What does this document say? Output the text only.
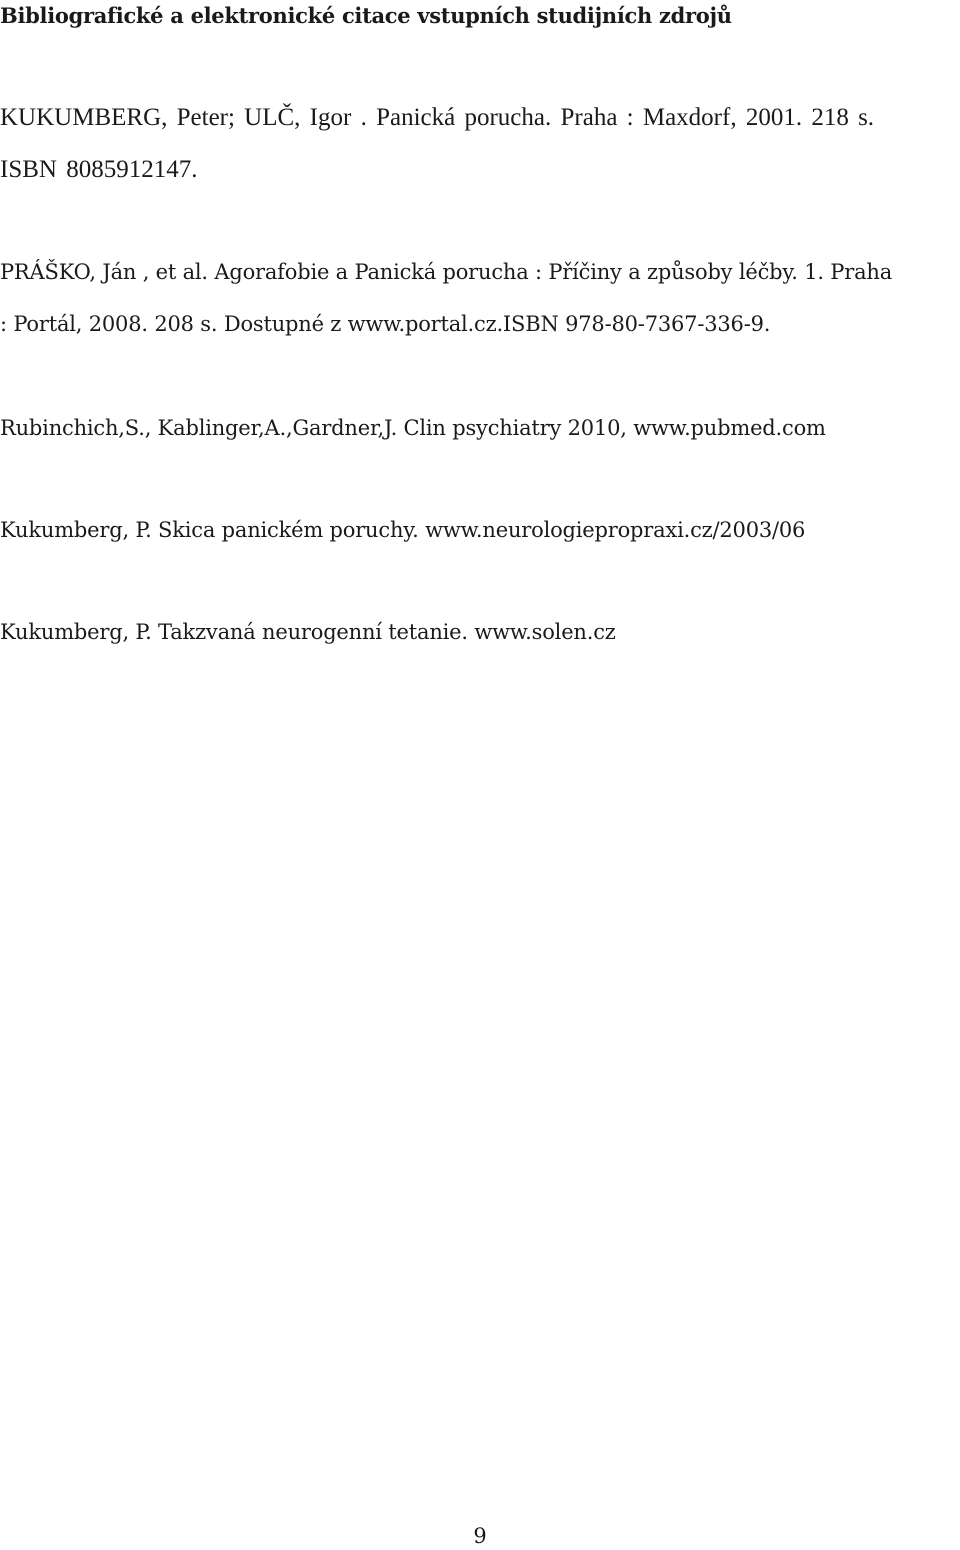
Bibliografické a elektronické citace vstupních studijních zdrojů

KUKUMBERG, Peter; ULČ, Igor . Panická porucha. Praha : Maxdorf, 2001. 218 s.
ISBN 8085912147.

PRÁŠKO, Ján , et al. Agorafobie a Panická porucha : Příčiny a způsoby léčby. 1. Praha
: Portál, 2008. 208 s. Dostupné z www.portal.cz.ISBN 978-80-7367-336-9.

Rubinchich,S., Kablinger,A.,Gardner,J. Clin psychiatry 2010, www.pubmed.com

Kukumberg, P. Skica panickém poruchy. www.neurologiepropraxi.cz/2003/06

Kukumberg, P. Takzvaná neurogenní tetanie. www.solen.cz

9
